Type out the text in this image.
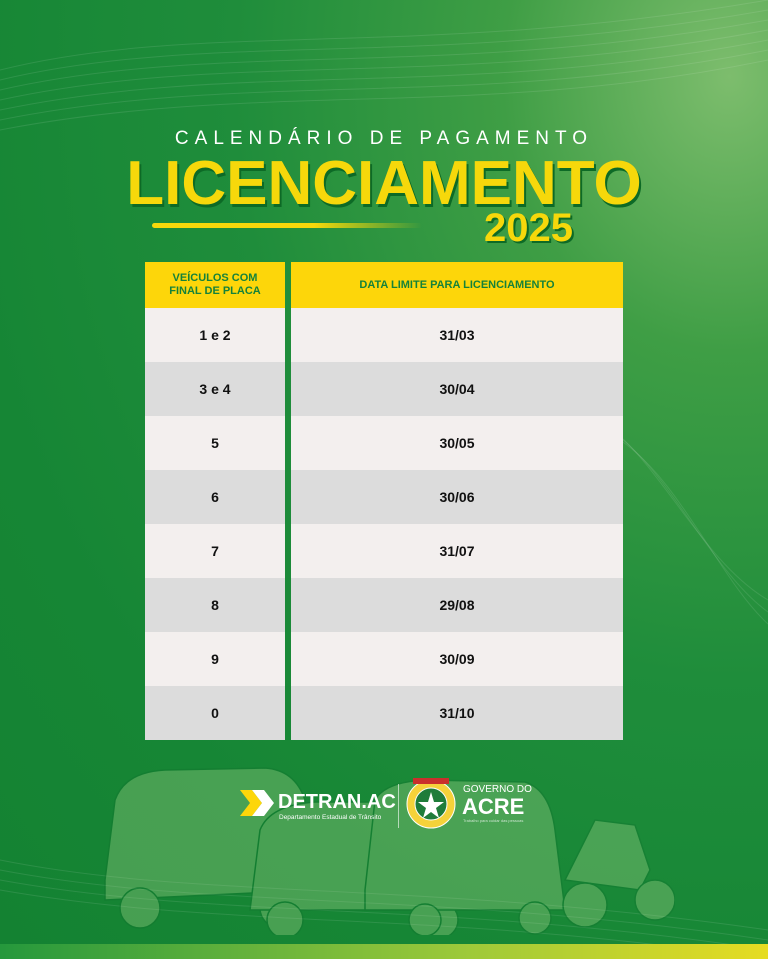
CALENDÁRIO DE PAGAMENTO
LICENCIAMENTO
2025
VEÍCULOS COM FINAL DE PLACA
DATA LIMITE PARA LICENCIAMENTO
1 e 2	31/03
3 e 4	30/04
5	30/05
6	30/06
7	31/07
8	29/08
9	30/09
0	31/10
DETRAN.AC
Departamento Estadual de Trânsito
GOVERNO DO
ACRE
Trabalho para cuidar das pessoas
